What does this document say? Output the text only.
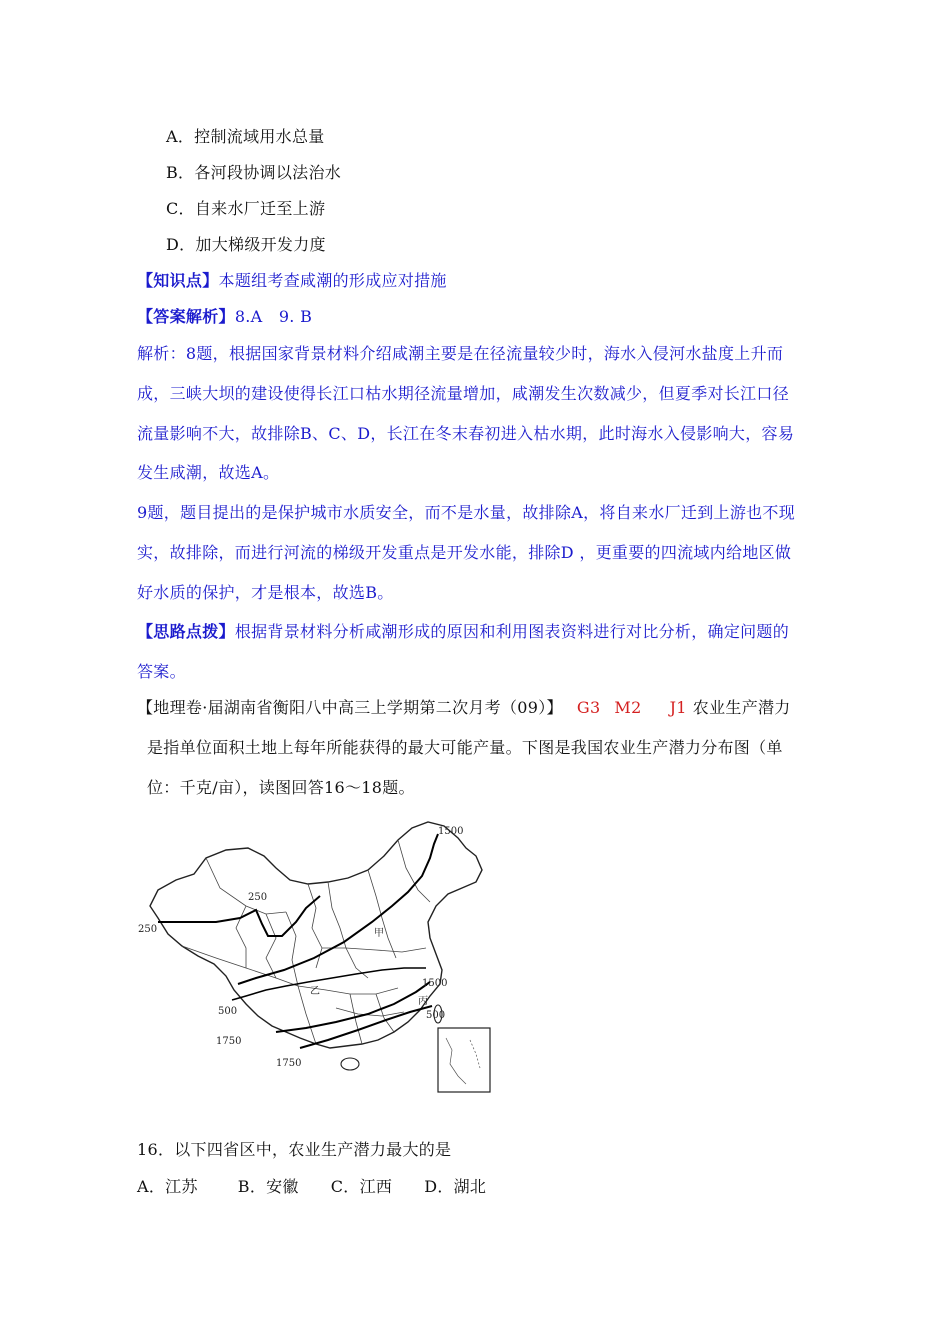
A．控制流域用水总量
B．各河段协调以法治水
C．自来水厂迁至上游
D．加大梯级开发力度
【知识点】本题组考查咸潮的形成应对措施
【答案解析】8.A　9. B
解析：8题，根据国家背景材料介绍咸潮主要是在径流量较少时，海水入侵河水盐度上升而
成，三峡大坝的建设使得长江口枯水期径流量增加，咸潮发生次数减少，但夏季对长江口径
流量影响不大，故排除B、C、D，长江在冬末春初进入枯水期，此时海水入侵影响大，容易
发生咸潮，故选A。
9题，题目提出的是保护城市水质安全，而不是水量，故排除A，将自来水厂迁到上游也不现
实，故排除，而进行河流的梯级开发重点是开发水能，排除D ，更重要的四流域内给地区做
好水质的保护，才是根本，故选B。
【思路点拨】根据背景材料分析咸潮形成的原因和利用图表资料进行对比分析，确定问题的
答案。
【地理卷·届湖南省衡阳八中高三上学期第二次月考（09）】 G3 M2 J1 农业生产潜力
是指单位面积土地上每年所能获得的最大可能产量。下图是我国农业生产潜力分布图（单
位：千克/亩），读图回答16～18题。
1500
250
250
500
1500
1750
500
1750
甲
乙
丙
16．以下四省区中，农业生产潜力最大的是
A．江苏	B．安徽 C．江西 D．湖北
